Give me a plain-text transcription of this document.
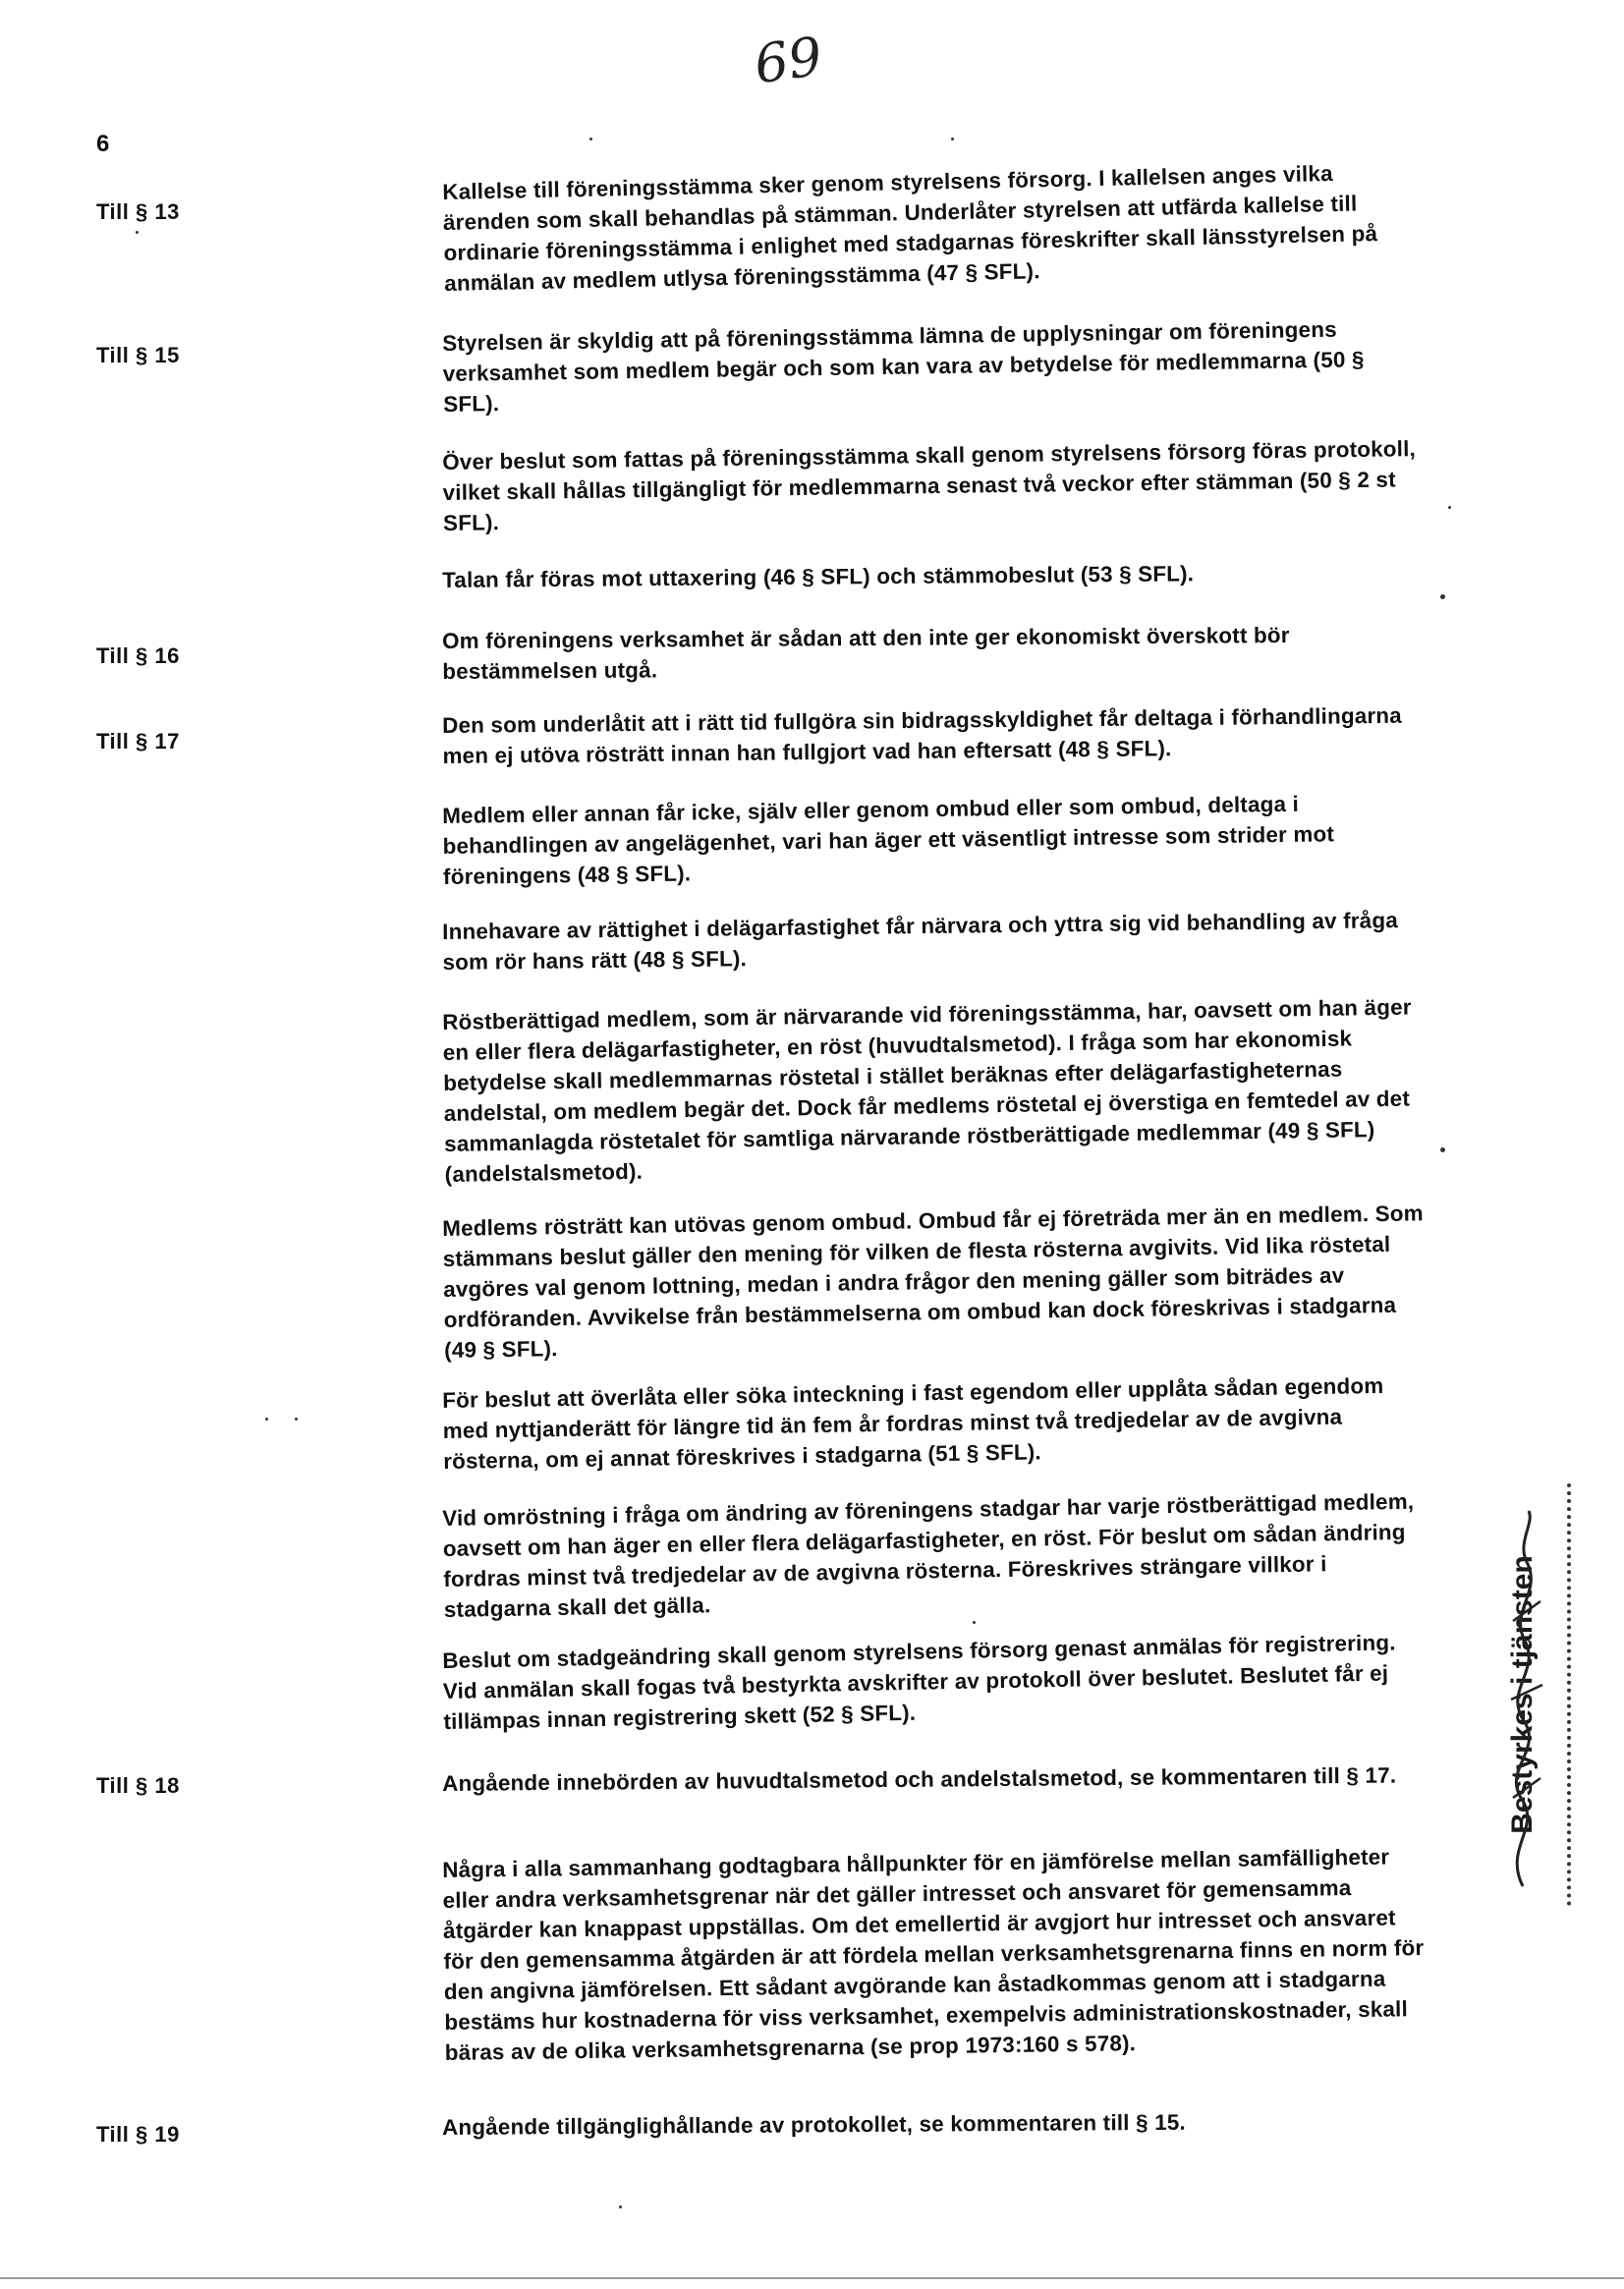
69
6
Till § 13
Kallelse till föreningsstämma sker genom styrelsens försorg. I kallelsen anges vilka ärenden som skall behandlas på stämman. Underlåter styrelsen att utfärda kallelse till ordinarie föreningsstämma i enlighet med stadgarnas föreskrifter skall länsstyrelsen på anmälan av medlem utlysa föreningsstämma (47 § SFL).
Till § 15	Styrelsen är skyldig att på föreningsstämma lämna de upplysningar om föreningens verksamhet som medlem begär och som kan vara av betydelse för medlemmarna (50 § SFL).
Över beslut som fattas på föreningsstämma skall genom styrelsens försorg föras protokoll, vilket skall hållas tillgängligt för medlemmarna senast två veckor efter stämman (50 § 2 st SFL).
Talan får föras mot uttaxering (46 § SFL) och stämmobeslut (53 § SFL).
Till § 16
Om föreningens verksamhet är sådan att den inte ger ekonomiskt överskott bör bestämmelsen utgå.
Till § 17
Den som underlåtit att i rätt tid fullgöra sin bidragsskyldighet får deltaga i förhandlingarna men ej utöva rösträtt innan han fullgjort vad han eftersatt (48 § SFL).
Medlem eller annan får icke, själv eller genom ombud eller som ombud, deltaga i behandlingen av angelägenhet, vari han äger ett väsentligt intresse som strider mot föreningens (48 § SFL).
Innehavare av rättighet i delägarfastighet får närvara och yttra sig vid behandling av fråga som rör hans rätt (48 § SFL).
Röstberättigad medlem, som är närvarande vid föreningsstämma, har, oavsett om han äger en eller flera delägarfastigheter, en röst (huvudtalsmetod). I fråga som har ekonomisk betydelse skall medlemmarnas röstetal i stället beräknas efter delägarfastigheternas andelstal, om medlem begär det. Dock får medlems röstetal ej överstiga en femtedel av det sammanlagda röstetalet för samtliga närvarande röstberättigade medlemmar (49 § SFL) (andelstalsmetod).
Medlems rösträtt kan utövas genom ombud. Ombud får ej företräda mer än en medlem. Som stämmans beslut gäller den mening för vilken de flesta rösterna avgivits. Vid lika röstetal avgöres val genom lottning, medan i andra frågor den mening gäller som biträdes av ordföranden. Avvikelse från bestämmelserna om ombud kan dock föreskrivas i stadgarna (49 § SFL).
För beslut att överlåta eller söka inteckning i fast egendom eller upplåta sådan egendom med nyttjanderätt för längre tid än fem år fordras minst två tredjedelar av de avgivna rösterna, om ej annat föreskrives i stadgarna (51 § SFL).
Vid omröstning i fråga om ändring av föreningens stadgar har varje röstberättigad medlem, oavsett om han äger en eller flera delägarfastigheter, en röst. För beslut om sådan ändring fordras minst två tredjedelar av de avgivna rösterna. Föreskrives strängare villkor i stadgarna skall det gälla.
Beslut om stadgeändring skall genom styrelsens försorg genast anmälas för registrering. Vid anmälan skall fogas två bestyrkta avskrifter av protokoll över beslutet. Beslutet får ej tillämpas innan registrering skett (52 § SFL).
Till § 18	Angående innebörden av huvudtalsmetod och andelstalsmetod, se kommentaren till § 17.
Några i alla sammanhang godtagbara hållpunkter för en jämförelse mellan samfälligheter eller andra verksamhetsgrenar när det gäller intresset och ansvaret för gemensamma åtgärder kan knappast uppställas. Om det emellertid är avgjort hur intresset och ansvaret för den gemensamma åtgärden är att fördela mellan verksamhetsgrenarna finns en norm för den angivna jämförelsen. Ett sådant avgörande kan åstadkommas genom att i stadgarna bestäms hur kostnaderna för viss verksamhet, exempelvis administrationskostnader, skall bäras av de olika verksamhetsgrenarna (se prop 1973:160 s 578).
Till § 19	Angående tillgänglighållande av protokollet, se kommentaren till § 15.
Bestyrkes i tjänsten
